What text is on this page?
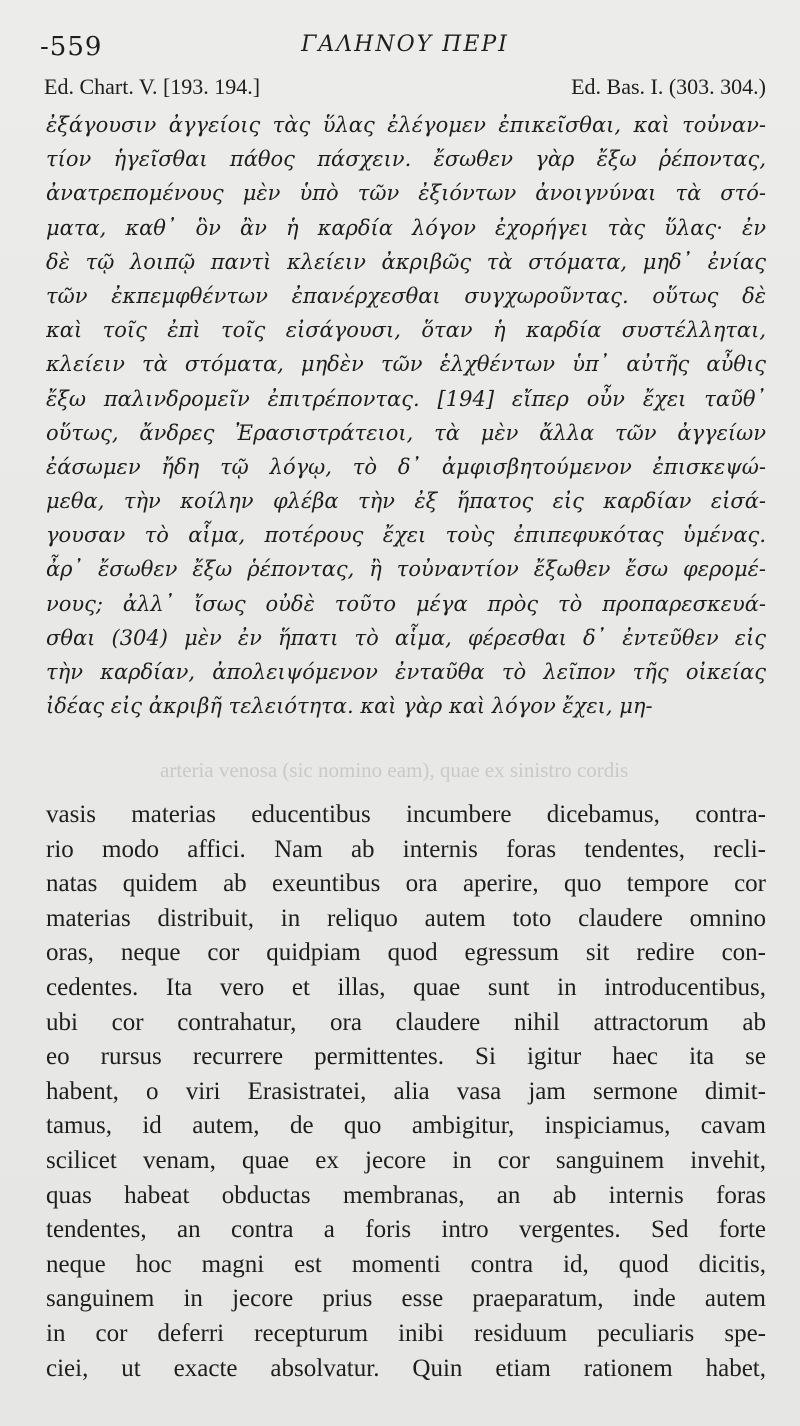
-559	ΓΑΛΗΝΟΥ ΠΕΡΙ
Ed. Chart. V. [193. 194.]	Ed. Bas. I. (303. 304.)
ἐξάγουσιν ἀγγείοις τὰς ὕλας ἐλέγομεν ἐπικεῖσθαι, καὶ τοὐναν-
τίον ἡγεῖσθαι πάθος πάσχειν. ἔσωθεν γὰρ ἔξω ῥέποντας,
ἀνατρεπομένους μὲν ὑπὸ τῶν ἐξιόντων ἀνοιγνύναι τὰ στό-
ματα, καθ᾿ ὃν ἂν ἡ καρδία λόγον ἐχορήγει τὰς ὕλας· ἐν
δὲ τῷ λοιπῷ παντὶ κλείειν ἀκριβῶς τὰ στόματα, μηδ᾿ ἐνίας
τῶν ἐκπεμφθέντων ἐπανέρχεσθαι συγχωροῦντας. οὕτως δὲ
καὶ τοῖς ἐπὶ τοῖς εἰσάγουσι, ὅταν ἡ καρδία συστέλληται,
κλείειν τὰ στόματα, μηδὲν τῶν ἑλχθέντων ὑπ᾿ αὐτῆς αὖθις
ἔξω παλινδρομεῖν ἐπιτρέποντας. [194] εἴπερ οὖν ἔχει ταῦθ᾿
οὕτως, ἄνδρες Ἐρασιστράτειοι, τὰ μὲν ἄλλα τῶν ἀγγείων
ἐάσωμεν ἤδη τῷ λόγῳ, τὸ δ᾿ ἀμφισβητούμενον ἐπισκεψώ-
μεθα, τὴν κοίλην φλέβα τὴν ἐξ ἥπατος εἰς καρδίαν εἰσά-
γουσαν τὸ αἷμα, ποτέρους ἔχει τοὺς ἐπιπεφυκότας ὑμένας.
ἆρ᾿ ἔσωθεν ἔξω ῥέποντας, ἢ τοὐναντίον ἔξωθεν ἔσω φερομέ-
νους; ἀλλ᾿ ἴσως οὐδὲ τοῦτο μέγα πρὸς τὸ προπαρεσκευά-
σθαι (304) μὲν ἐν ἥπατι τὸ αἷμα, φέρεσθαι δ᾿ ἐντεῦθεν εἰς
τὴν καρδίαν, ἀπολειψόμενον ἐνταῦθα τὸ λεῖπον τῆς οἰκείας
ἰδέας εἰς ἀκριβῆ τελειότητα. καὶ γὰρ καὶ λόγον ἔχει, μη-
arteria venosa (sic nomino eam), quae ex sinistro cordis
vasis materias educentibus incumbere dicebamus, contra-
rio modo affici. Nam ab internis foras tendentes, recli-
natas quidem ab exeuntibus ora aperire, quo tempore cor
materias distribuit, in reliquo autem toto claudere omnino
oras, neque cor quidpiam quod egressum sit redire con-
cedentes. Ita vero et illas, quae sunt in introducentibus,
ubi cor contrahatur, ora claudere nihil attractorum ab
eo rursus recurrere permittentes. Si igitur haec ita se
habent, o viri Erasistratei, alia vasa jam sermone dimit-
tamus, id autem, de quo ambigitur, inspiciamus, cavam
scilicet venam, quae ex jecore in cor sanguinem invehit,
quas habeat obductas membranas, an ab internis foras
tendentes, an contra a foris intro vergentes. Sed forte
neque hoc magni est momenti contra id, quod dicitis,
sanguinem in jecore prius esse praeparatum, inde autem
in cor deferri recepturum inibi residuum peculiaris spe-
ciei, ut exacte absolvatur. Quin etiam rationem habet,
